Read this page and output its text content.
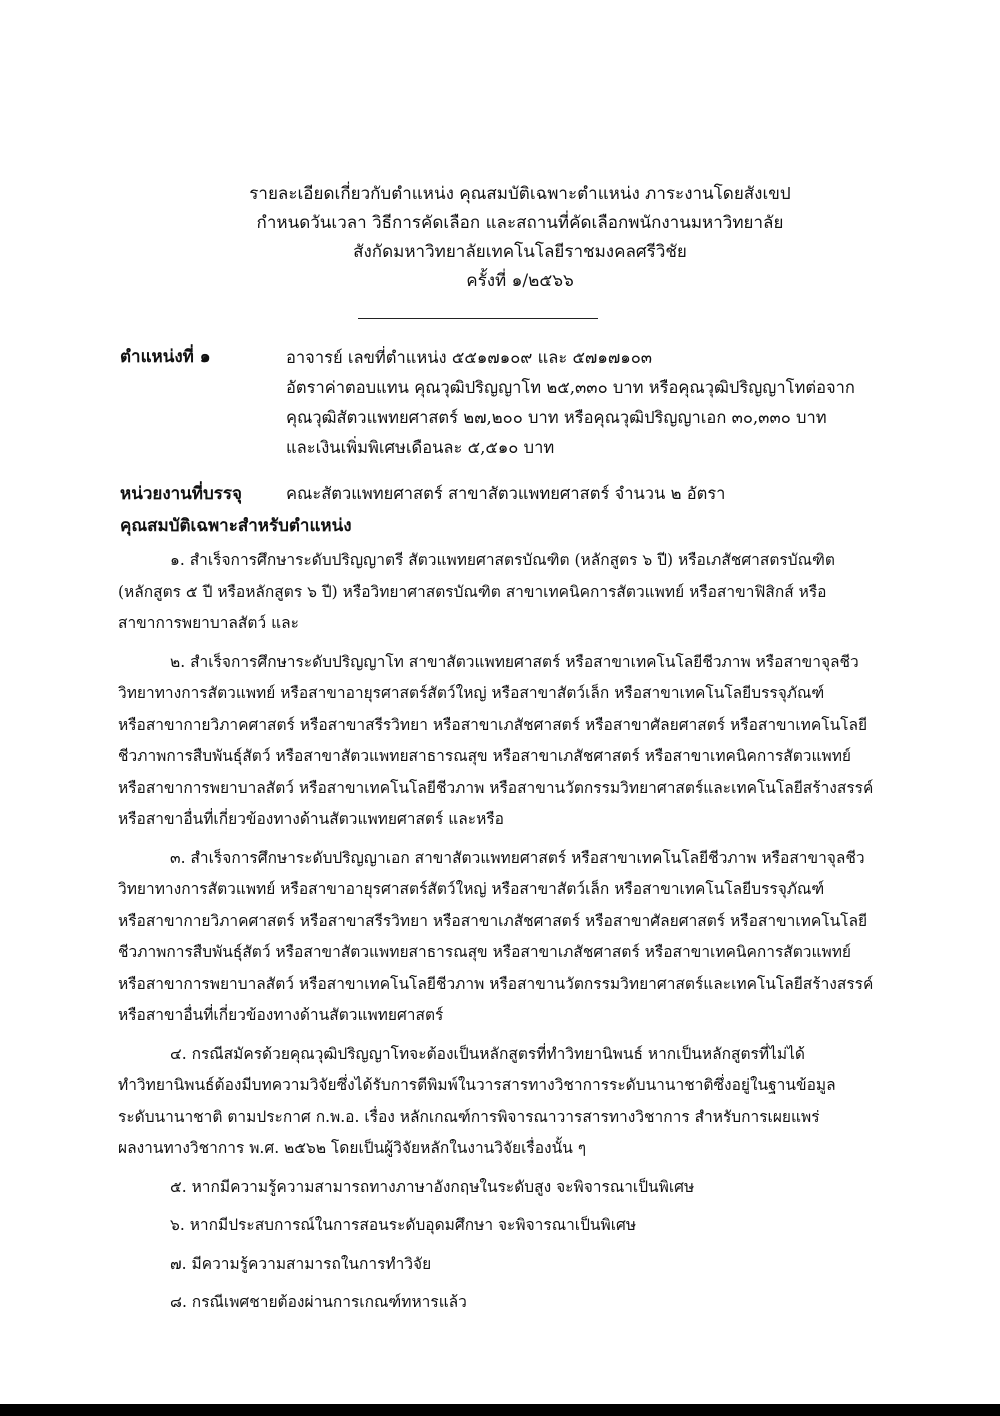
รายละเอียดเกี่ยวกับตำแหน่ง คุณสมบัติเฉพาะตำแหน่ง ภาระงานโดยสังเขป
กำหนดวันเวลา วิธีการคัดเลือก และสถานที่คัดเลือกพนักงานมหาวิทยาลัย
สังกัดมหาวิทยาลัยเทคโนโลยีราชมงคลศรีวิชัย
ครั้งที่ ๑/๒๕๖๖
ตำแหน่งที่ ๑	อาจารย์ เลขที่ตำแหน่ง ๕๕๑๗๑๐๙ และ ๕๗๑๗๑๐๓
อัตราค่าตอบแทน คุณวุฒิปริญญาโท ๒๕,๓๓๐ บาท หรือคุณวุฒิปริญญาโทต่อจาก
คุณวุฒิสัตวแพทยศาสตร์ ๒๗,๒๐๐ บาท หรือคุณวุฒิปริญญาเอก ๓๐,๓๓๐ บาท
และเงินเพิ่มพิเศษเดือนละ ๕,๕๑๐ บาท
หน่วยงานที่บรรจุ	คณะสัตวแพทยศาสตร์ สาขาสัตวแพทยศาสตร์ จำนวน ๒ อัตรา
คุณสมบัติเฉพาะสำหรับตำแหน่ง
๑. สำเร็จการศึกษาระดับปริญญาตรี สัตวแพทยศาสตรบัณฑิต (หลักสูตร ๖ ปี) หรือเภสัชศาสตรบัณฑิต
(หลักสูตร ๕ ปี หรือหลักสูตร ๖ ปี) หรือวิทยาศาสตรบัณฑิต สาขาเทคนิคการสัตวแพทย์ หรือสาขาฟิสิกส์ หรือ
สาขาการพยาบาลสัตว์ และ
๒. สำเร็จการศึกษาระดับปริญญาโท สาขาสัตวแพทยศาสตร์ หรือสาขาเทคโนโลยีชีวภาพ หรือสาขาจุลชีว
วิทยาทางการสัตวแพทย์ หรือสาขาอายุรศาสตร์สัตว์ใหญ่ หรือสาขาสัตว์เล็ก หรือสาขาเทคโนโลยีบรรจุภัณฑ์
หรือสาขากายวิภาคศาสตร์ หรือสาขาสรีรวิทยา หรือสาขาเภสัชศาสตร์ หรือสาขาศัลยศาสตร์ หรือสาขาเทคโนโลยี
ชีวภาพการสืบพันธุ์สัตว์ หรือสาขาสัตวแพทยสาธารณสุข หรือสาขาเภสัชศาสตร์ หรือสาขาเทคนิคการสัตวแพทย์
หรือสาขาการพยาบาลสัตว์ หรือสาขาเทคโนโลยีชีวภาพ หรือสาขานวัตกรรมวิทยาศาสตร์และเทคโนโลยีสร้างสรรค์
หรือสาขาอื่นที่เกี่ยวข้องทางด้านสัตวแพทยศาสตร์ และหรือ
๓. สำเร็จการศึกษาระดับปริญญาเอก สาขาสัตวแพทยศาสตร์ หรือสาขาเทคโนโลยีชีวภาพ หรือสาขาจุลชีว
วิทยาทางการสัตวแพทย์ หรือสาขาอายุรศาสตร์สัตว์ใหญ่ หรือสาขาสัตว์เล็ก หรือสาขาเทคโนโลยีบรรจุภัณฑ์
หรือสาขากายวิภาคศาสตร์ หรือสาขาสรีรวิทยา หรือสาขาเภสัชศาสตร์ หรือสาขาศัลยศาสตร์ หรือสาขาเทคโนโลยี
ชีวภาพการสืบพันธุ์สัตว์ หรือสาขาสัตวแพทยสาธารณสุข หรือสาขาเภสัชศาสตร์ หรือสาขาเทคนิคการสัตวแพทย์
หรือสาขาการพยาบาลสัตว์ หรือสาขาเทคโนโลยีชีวภาพ หรือสาขานวัตกรรมวิทยาศาสตร์และเทคโนโลยีสร้างสรรค์
หรือสาขาอื่นที่เกี่ยวข้องทางด้านสัตวแพทยศาสตร์
๔. กรณีสมัครด้วยคุณวุฒิปริญญาโทจะต้องเป็นหลักสูตรที่ทำวิทยานิพนธ์ หากเป็นหลักสูตรที่ไม่ได้
ทำวิทยานิพนธ์ต้องมีบทความวิจัยซึ่งได้รับการตีพิมพ์ในวารสารทางวิชาการระดับนานาชาติซึ่งอยู่ในฐานข้อมูล
ระดับนานาชาติ ตามประกาศ ก.พ.อ. เรื่อง หลักเกณฑ์การพิจารณาวารสารทางวิชาการ สำหรับการเผยแพร่
ผลงานทางวิชาการ พ.ศ. ๒๕๖๒ โดยเป็นผู้วิจัยหลักในงานวิจัยเรื่องนั้น ๆ
๕. หากมีความรู้ความสามารถทางภาษาอังกฤษในระดับสูง จะพิจารณาเป็นพิเศษ
๖. หากมีประสบการณ์ในการสอนระดับอุดมศึกษา จะพิจารณาเป็นพิเศษ
๗. มีความรู้ความสามารถในการทำวิจัย
๘. กรณีเพศชายต้องผ่านการเกณฑ์ทหารแล้ว
